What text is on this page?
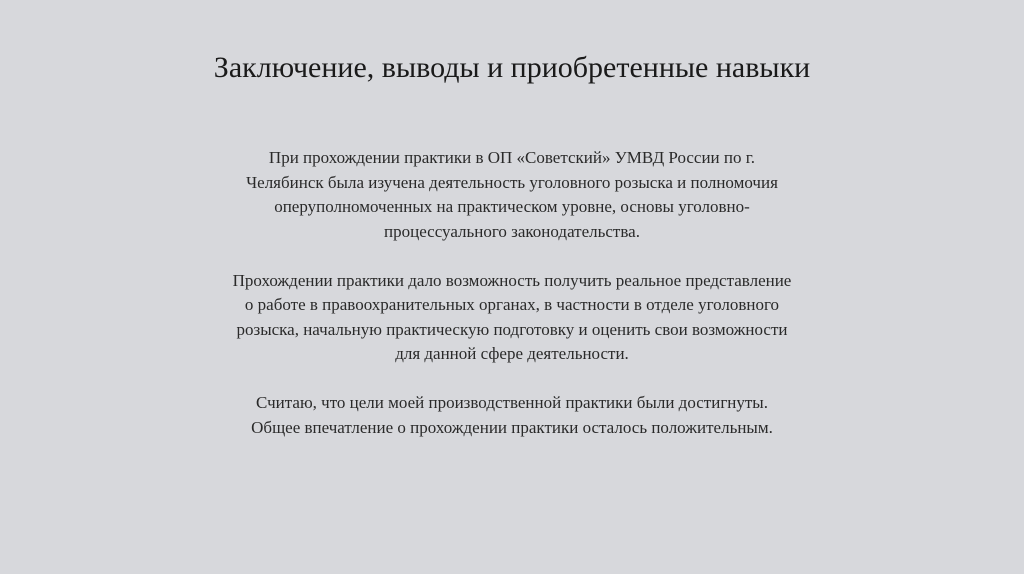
Заключение, выводы и приобретенные навыки

При прохождении практики в ОП «Советский» УМВД России по г. Челябинск была изучена деятельность уголовного розыска и полномочия оперуполномоченных на практическом уровне, основы уголовно-процессуального законодательства.

Прохождении практики дало возможность получить реальное представление о работе в правоохранительных органах, в частности в отделе уголовного розыска, начальную практическую подготовку и оценить свои возможности для данной сфере деятельности.

Считаю, что цели моей производственной практики были достигнуты. Общее впечатление о прохождении практики осталось положительным.
